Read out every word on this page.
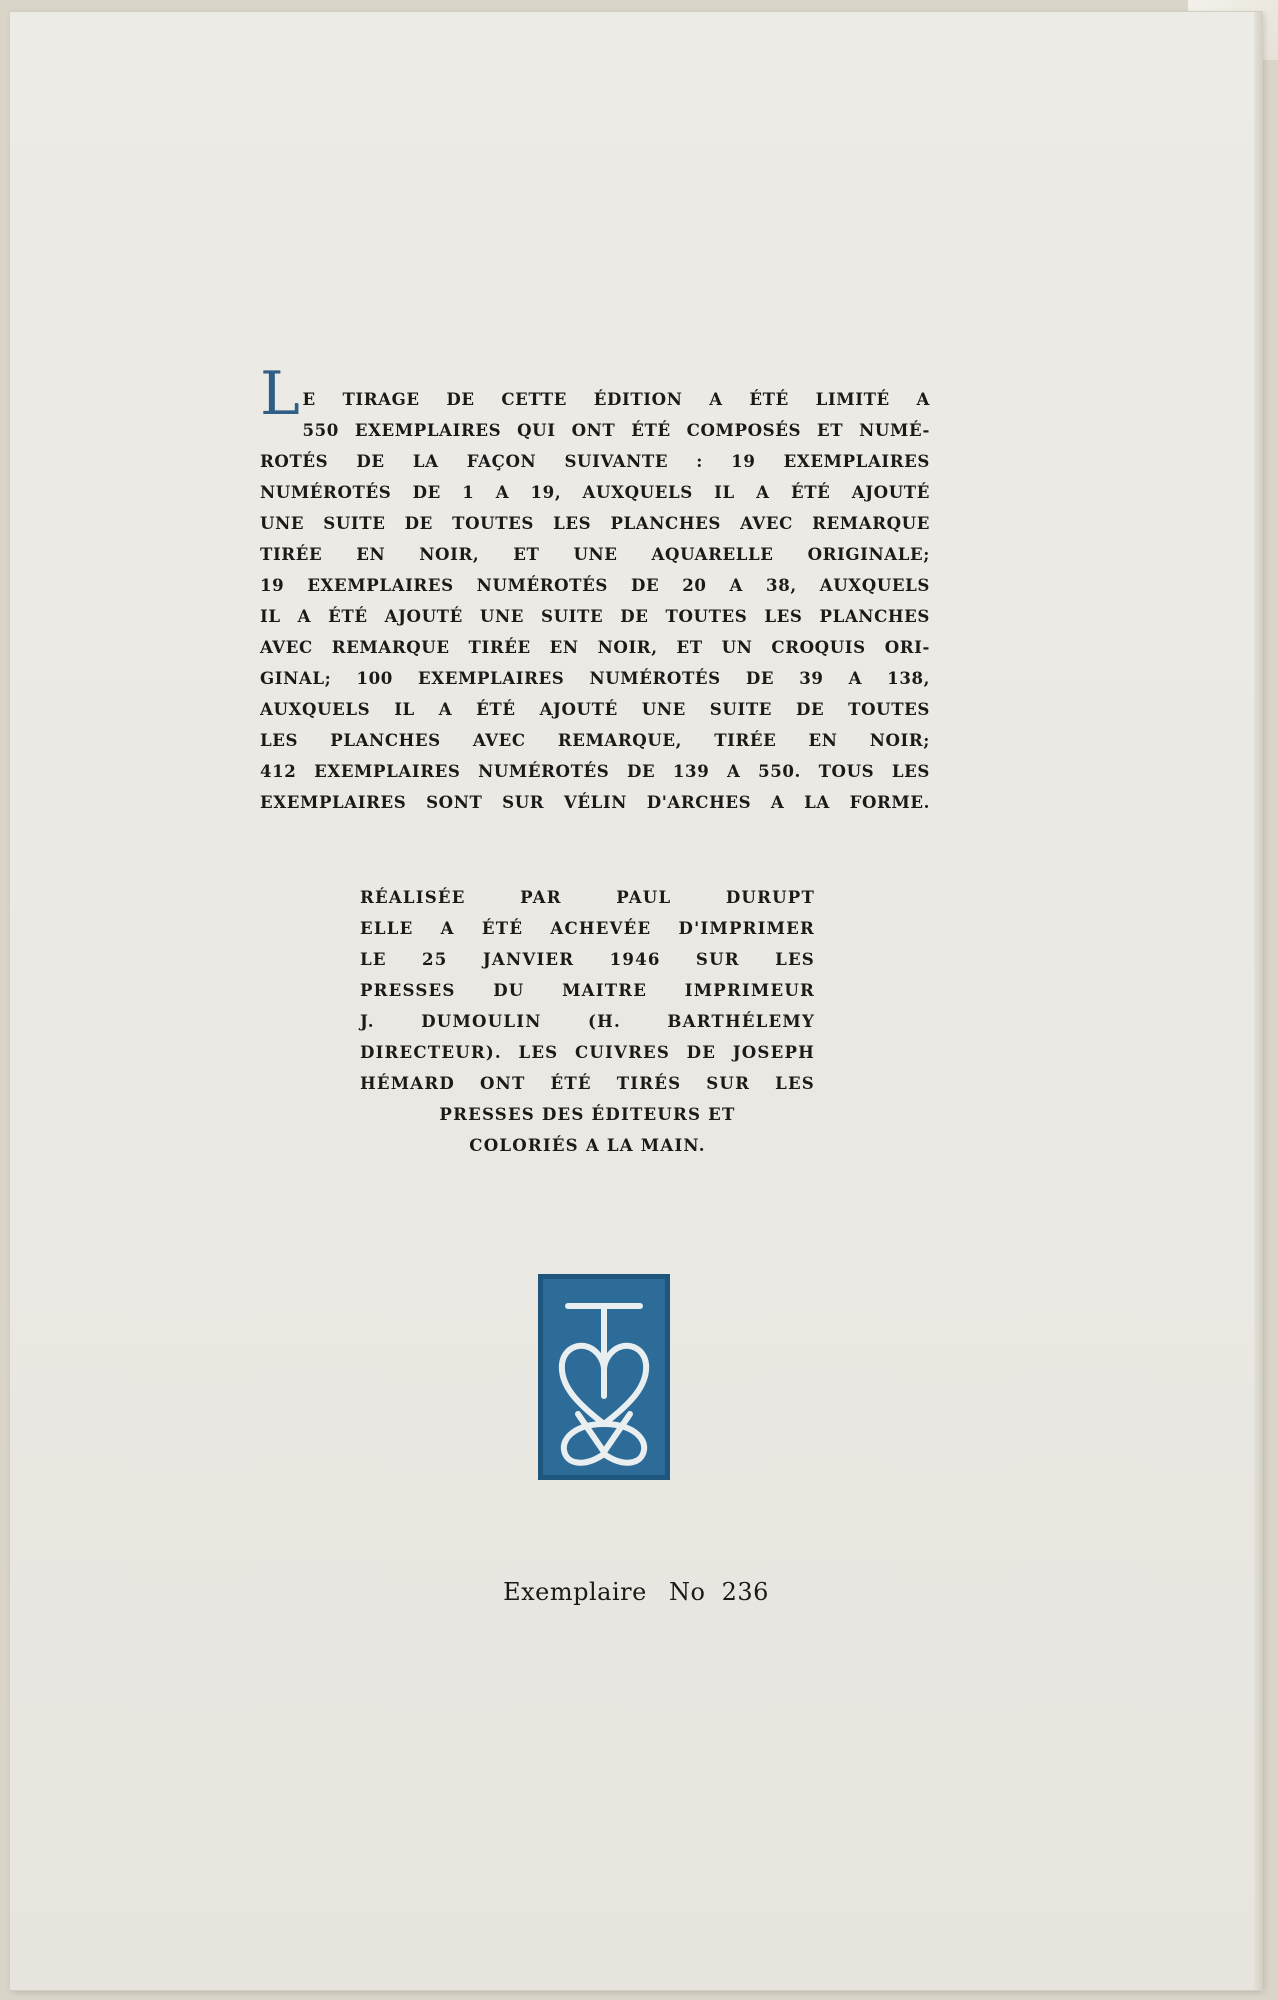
L E TIRAGE DE CETTE ÉDITION A ÉTÉ LIMITÉ A
550 EXEMPLAIRES QUI ONT ÉTÉ COMPOSÉS ET NUMÉ-
ROTÉS DE LA FAÇON SUIVANTE : 19 EXEMPLAIRES
NUMÉROTÉS DE 1 A 19, AUXQUELS IL A ÉTÉ AJOUTÉ
UNE SUITE DE TOUTES LES PLANCHES AVEC REMARQUE
TIRÉE EN NOIR, ET UNE AQUARELLE ORIGINALE;
19 EXEMPLAIRES NUMÉROTÉS DE 20 A 38, AUXQUELS
IL A ÉTÉ AJOUTÉ UNE SUITE DE TOUTES LES PLANCHES
AVEC REMARQUE TIRÉE EN NOIR, ET UN CROQUIS ORI-
GINAL; 100 EXEMPLAIRES NUMÉROTÉS DE 39 A 138,
AUXQUELS IL A ÉTÉ AJOUTÉ UNE SUITE DE TOUTES
LES PLANCHES AVEC REMARQUE, TIRÉE EN NOIR;
412 EXEMPLAIRES NUMÉROTÉS DE 139 A 550. TOUS LES
EXEMPLAIRES SONT SUR VÉLIN D'ARCHES A LA FORME.
RÉALISÉE PAR PAUL DURUPT
ELLE A ÉTÉ ACHEVÉE D'IMPRIMER
LE 25 JANVIER 1946 SUR LES
PRESSES DU MAITRE IMPRIMEUR
J. DUMOULIN (H. BARTHÉLEMY
DIRECTEUR). LES CUIVRES DE JOSEPH
HÉMARD ONT ÉTÉ TIRÉS SUR LES
PRESSES DES ÉDITEURS ET
COLORIÉS A LA MAIN.
Exemplaire No 236
